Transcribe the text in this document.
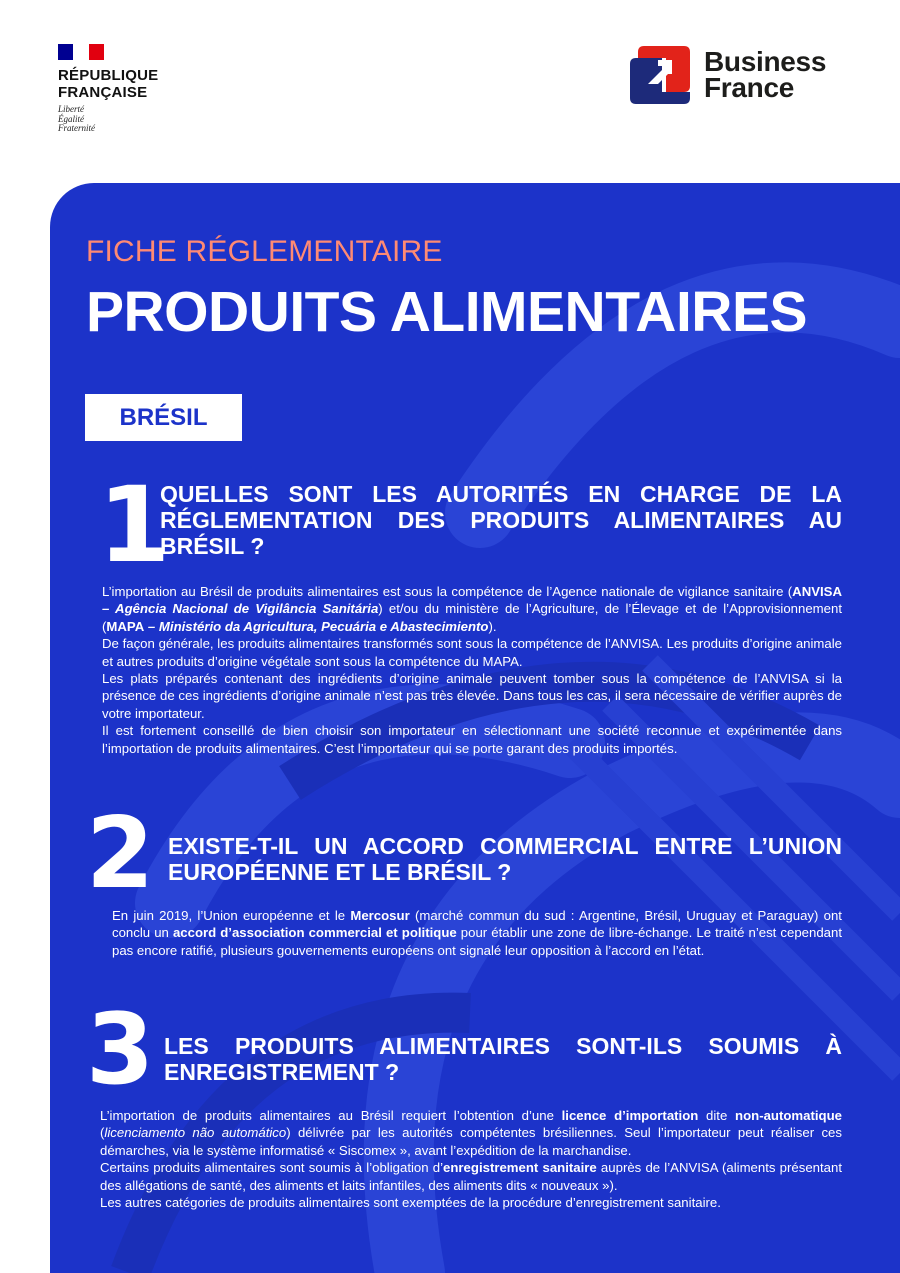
RÉPUBLIQUE
FRANÇAISE
Liberté
Égalité
Fraternité
Business
France
FICHE RÉGLEMENTAIRE
PRODUITS ALIMENTAIRES
BRÉSIL
1
QUELLES SONT LES AUTORITÉS EN CHARGE DE LA RÉGLEMENTATION DES PRODUITS ALIMENTAIRES AU BRÉSIL ?

L’importation au Brésil de produits alimentaires est sous la compétence de l’Agence nationale de vigilance sanitaire (ANVISA – Agência Nacional de Vigilância Sanitária) et/ou du ministère de l’Agriculture, de l’Élevage et de l’Approvisionnement (MAPA – Ministério da Agricultura, Pecuária e Abastecimiento).

De façon générale, les produits alimentaires transformés sont sous la compétence de l’ANVISA. Les produits d’origine animale et autres produits d’origine végétale sont sous la compétence du MAPA.

Les plats préparés contenant des ingrédients d’origine animale peuvent tomber sous la compétence de l’ANVISA si la présence de ces ingrédients d’origine animale n’est pas très élevée. Dans tous les cas, il sera nécessaire de vérifier auprès de votre importateur.

Il est fortement conseillé de bien choisir son importateur en sélectionnant une société reconnue et expérimentée dans l’importation de produits alimentaires. C’est l’importateur qui se porte garant des produits importés.

2 EXISTE-T-IL UN ACCORD COMMERCIAL ENTRE L’UNION EUROPÉENNE ET LE BRÉSIL ?

En juin 2019, l’Union européenne et le Mercosur (marché commun du sud : Argentine, Brésil, Uruguay et Paraguay) ont conclu un accord d’association commercial et politique pour établir une zone de libre-échange. Le traité n’est cependant pas encore ratifié, plusieurs gouvernements européens ont signalé leur opposition à l’accord en l’état.

3 LES PRODUITS ALIMENTAIRES SONT-ILS SOUMIS À ENREGISTREMENT ?

L’importation de produits alimentaires au Brésil requiert l’obtention d’une licence d’importation dite non-automatique (licenciamento não automático) délivrée par les autorités compétentes brésiliennes. Seul l’importateur peut réaliser ces démarches, via le système informatisé « Siscomex », avant l’expédition de la marchandise.

Certains produits alimentaires sont soumis à l’obligation d’enregistrement sanitaire auprès de l’ANVISA (aliments présentant des allégations de santé, des aliments et laits infantiles, des aliments dits « nouveaux »).

Les autres catégories de produits alimentaires sont exemptées de la procédure d’enregistrement sanitaire.
